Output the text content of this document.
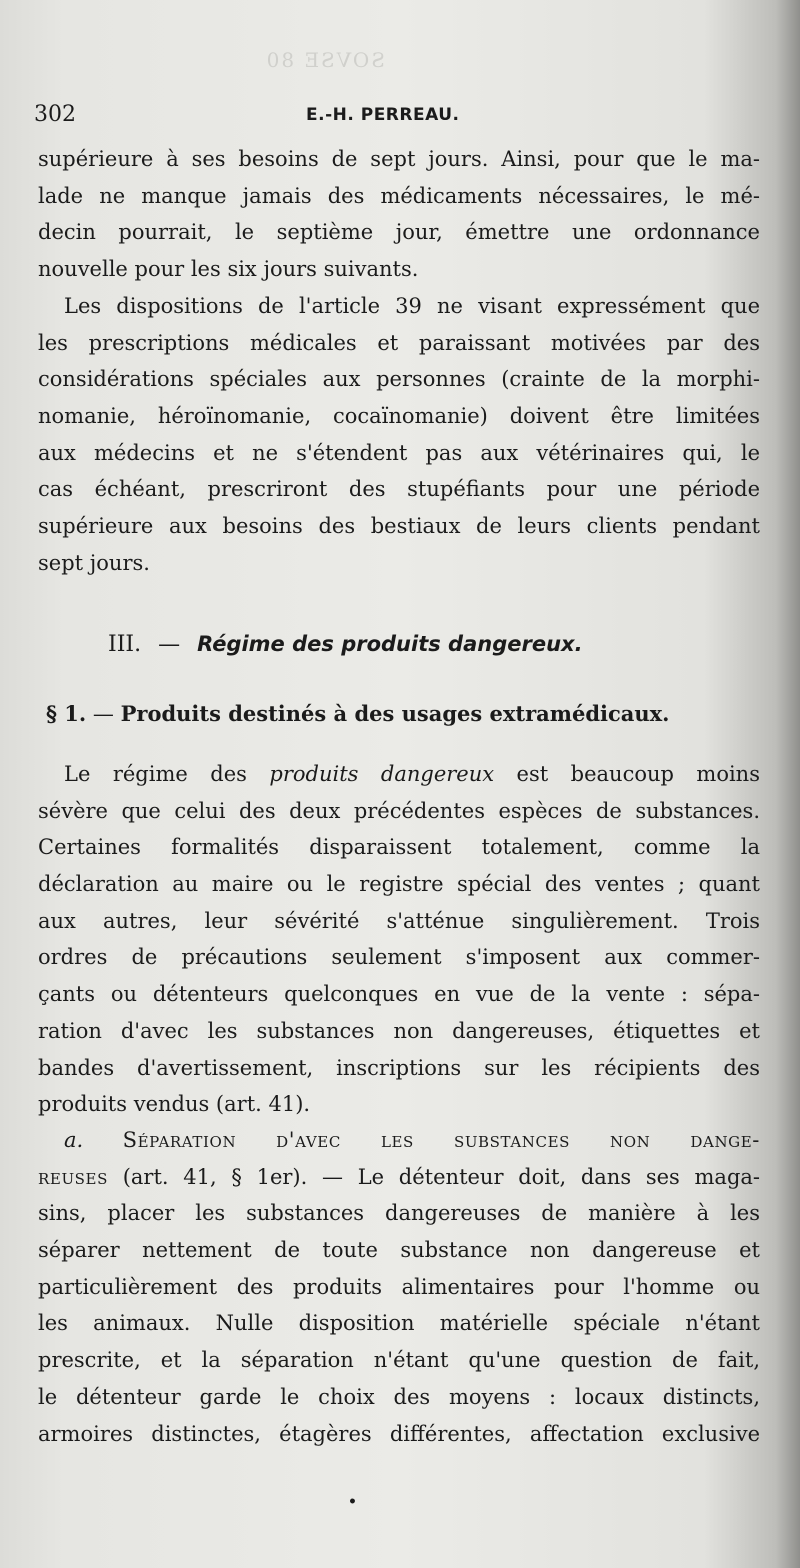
SOVSE 80
302	E.-H. PERREAU.
supérieure à ses besoins de sept jours. Ainsi, pour que le ma-
lade ne manque jamais des médicaments nécessaires, le mé-
decin pourrait, le septième jour, émettre une ordonnance
nouvelle pour les six jours suivants.
Les dispositions de l'article 39 ne visant expressément que
les prescriptions médicales et paraissant motivées par des
considérations spéciales aux personnes (crainte de la morphi-
nomanie, héroïnomanie, cocaïnomanie) doivent être limitées
aux médecins et ne s'étendent pas aux vétérinaires qui, le
cas échéant, prescriront des stupéfiants pour une période
supérieure aux besoins des bestiaux de leurs clients pendant
sept jours.
III. — Régime des produits dangereux.
§ 1. — Produits destinés à des usages extramédicaux.
Le régime des produits dangereux est beaucoup moins
sévère que celui des deux précédentes espèces de substances.
Certaines formalités disparaissent totalement, comme la
déclaration au maire ou le registre spécial des ventes ; quant
aux autres, leur sévérité s'atténue singulièrement. Trois
ordres de précautions seulement s'imposent aux commer-
çants ou détenteurs quelconques en vue de la vente : sépa-
ration d'avec les substances non dangereuses, étiquettes et
bandes d'avertissement, inscriptions sur les récipients des
produits vendus (art. 41).
a. Séparation d'avec les substances non dange-
reuses (art. 41, § 1er). — Le détenteur doit, dans ses maga-
sins, placer les substances dangereuses de manière à les
séparer nettement de toute substance non dangereuse et
particulièrement des produits alimentaires pour l'homme ou
les animaux. Nulle disposition matérielle spéciale n'étant
prescrite, et la séparation n'étant qu'une question de fait,
le détenteur garde le choix des moyens : locaux distincts,
armoires distinctes, étagères différentes, affectation exclusive
•
